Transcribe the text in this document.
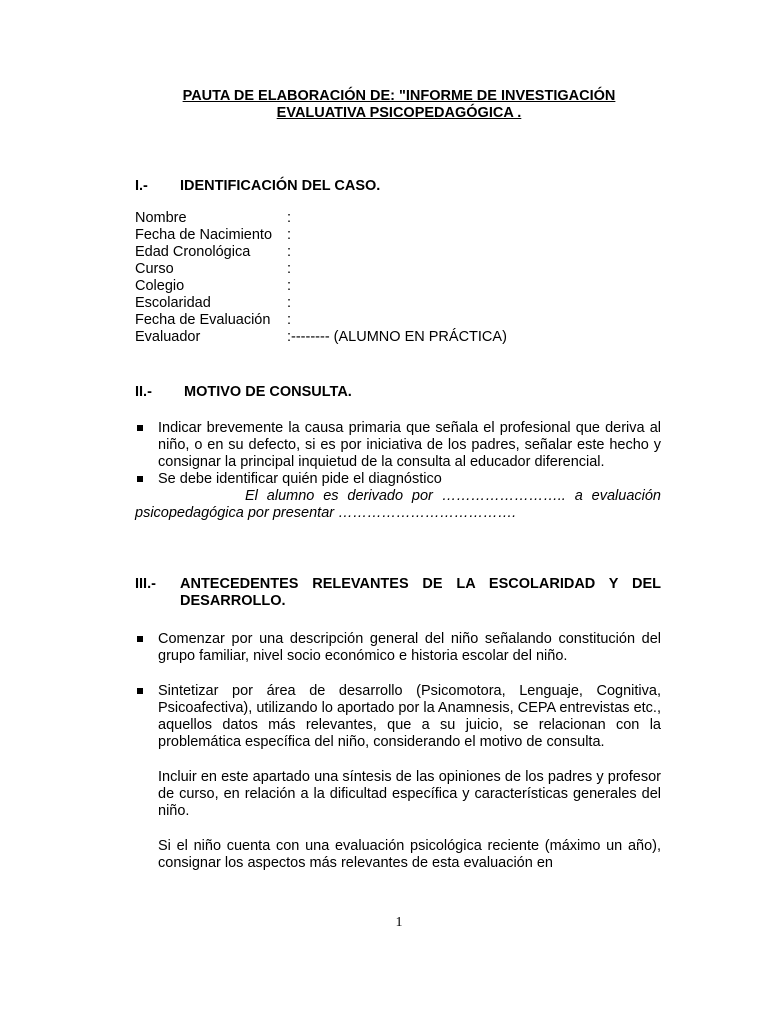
PAUTA DE ELABORACIÓN DE: "INFORME DE INVESTIGACIÓN
EVALUATIVA PSICOPEDAGÓGICA .
I.- IDENTIFICACIÓN DEL CASO.
Nombre	:
Fecha de Nacimiento :
Edad Cronológica	:
Curso	:
Colegio	:
Escolaridad	:
Fecha de Evaluación :
Evaluador	:-------- (ALUMNO EN PRÁCTICA)
II.- MOTIVO DE CONSULTA.
Indicar brevemente la causa primaria que señala el profesional que deriva al niño, o en su defecto, si es por iniciativa de los padres, señalar este hecho y consignar la principal inquietud de la consulta al educador diferencial.
Se debe identificar quién pide el diagnóstico
El alumno es derivado por …………………….. a evaluación
psicopedagógica por presentar ……………………………….
III.- ANTECEDENTES RELEVANTES DE LA ESCOLARIDAD Y DEL
DESARROLLO.
Comenzar por una descripción general del niño señalando constitución del grupo familiar, nivel socio económico e historia escolar del niño.
Sintetizar por área de desarrollo (Psicomotora, Lenguaje, Cognitiva, Psicoafectiva), utilizando lo aportado por la Anamnesis, CEPA entrevistas etc., aquellos datos más relevantes, que a su juicio, se relacionan con la problemática específica del niño, considerando el motivo de consulta.
Incluir en este apartado una síntesis de las opiniones de los padres y profesor de curso, en relación a la dificultad específica y características generales del niño.
Si el niño cuenta con una evaluación psicológica reciente (máximo un año), consignar los aspectos más relevantes de esta evaluación en
1
